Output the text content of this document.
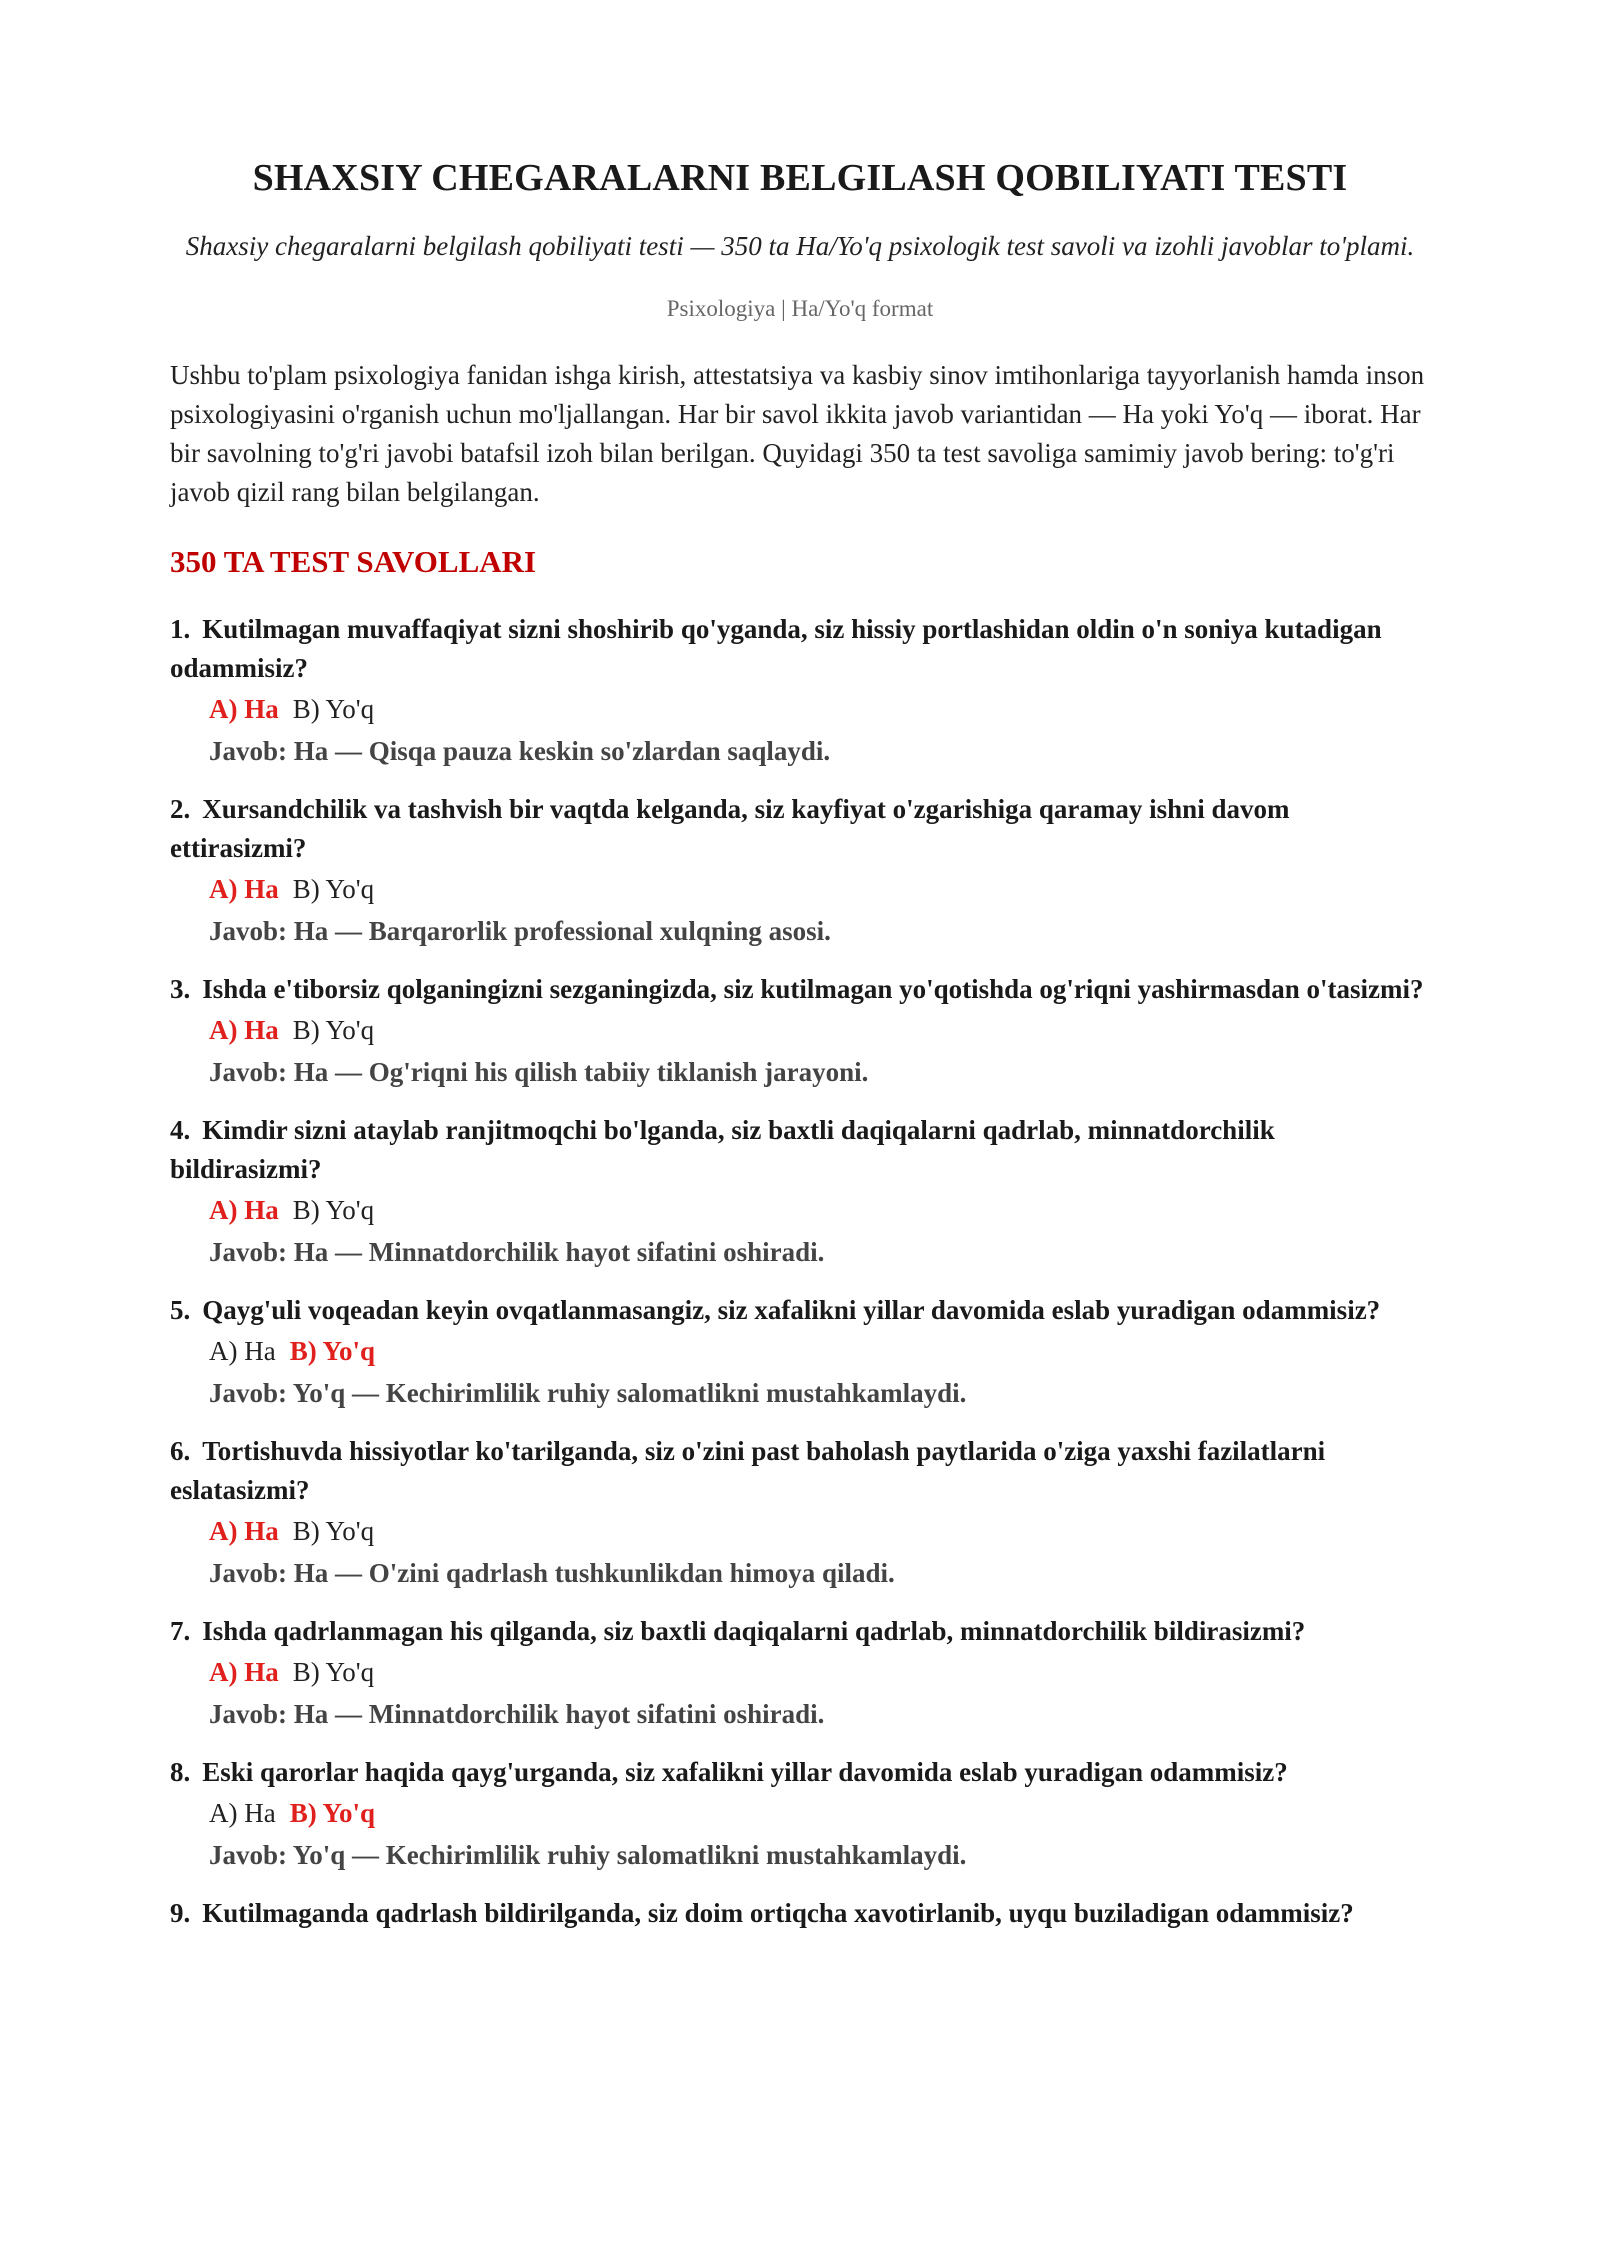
SHAXSIY CHEGARALARNI BELGILASH QOBILIYATI TESTI

Shaxsiy chegaralarni belgilash qobiliyati testi — 350 ta Ha/Yo'q psixologik test savoli va izohli javoblar to'plami.

Psixologiya | Ha/Yo'q format

Ushbu to'plam psixologiya fanidan ishga kirish, attestatsiya va kasbiy sinov imtihonlariga tayyorlanish hamda inson psixologiyasini o'rganish uchun mo'ljallangan. Har bir savol ikkita javob variantidan — Ha yoki Yo'q — iborat. Har bir savolning to'g'ri javobi batafsil izoh bilan berilgan. Quyidagi 350 ta test savoliga samimiy javob bering: to'g'ri javob qizil rang bilan belgilangan.

350 TA TEST SAVOLLARI
1. Kutilmagan muvaffaqiyat sizni shoshirib qo'yganda, siz hissiy portlashidan oldin o'n soniya kutadigan odammisiz?
A) Ha B) Yo'q
Javob: Ha — Qisqa pauza keskin so'zlardan saqlaydi.
2. Xursandchilik va tashvish bir vaqtda kelganda, siz kayfiyat o'zgarishiga qaramay ishni davom ettirasizmi?
A) Ha B) Yo'q
Javob: Ha — Barqarorlik professional xulqning asosi.
3. Ishda e'tiborsiz qolganingizni sezganingizda, siz kutilmagan yo'qotishda og'riqni yashirmasdan o'tasizmi?
A) Ha B) Yo'q
Javob: Ha — Og'riqni his qilish tabiiy tiklanish jarayoni.
4. Kimdir sizni ataylab ranjitmoqchi bo'lganda, siz baxtli daqiqalarni qadrlab, minnatdorchilik bildirasizmi?
A) Ha B) Yo'q
Javob: Ha — Minnatdorchilik hayot sifatini oshiradi.
5. Qayg'uli voqeadan keyin ovqatlanmasangiz, siz xafalikni yillar davomida eslab yuradigan odammisiz?
A) Ha B) Yo'q
Javob: Yo'q — Kechirimlilik ruhiy salomatlikni mustahkamlaydi.
6. Tortishuvda hissiyotlar ko'tarilganda, siz o'zini past baholash paytlarida o'ziga yaxshi fazilatlarni eslatasizmi?
A) Ha B) Yo'q
Javob: Ha — O'zini qadrlash tushkunlikdan himoya qiladi.
7. Ishda qadrlanmagan his qilganda, siz baxtli daqiqalarni qadrlab, minnatdorchilik bildirasizmi?
A) Ha B) Yo'q
Javob: Ha — Minnatdorchilik hayot sifatini oshiradi.
8. Eski qarorlar haqida qayg'urganda, siz xafalikni yillar davomida eslab yuradigan odammisiz?
A) Ha B) Yo'q
Javob: Yo'q — Kechirimlilik ruhiy salomatlikni mustahkamlaydi.
9. Kutilmaganda qadrlash bildirilganda, siz doim ortiqcha xavotirlanib, uyqu buziladigan odammisiz?
